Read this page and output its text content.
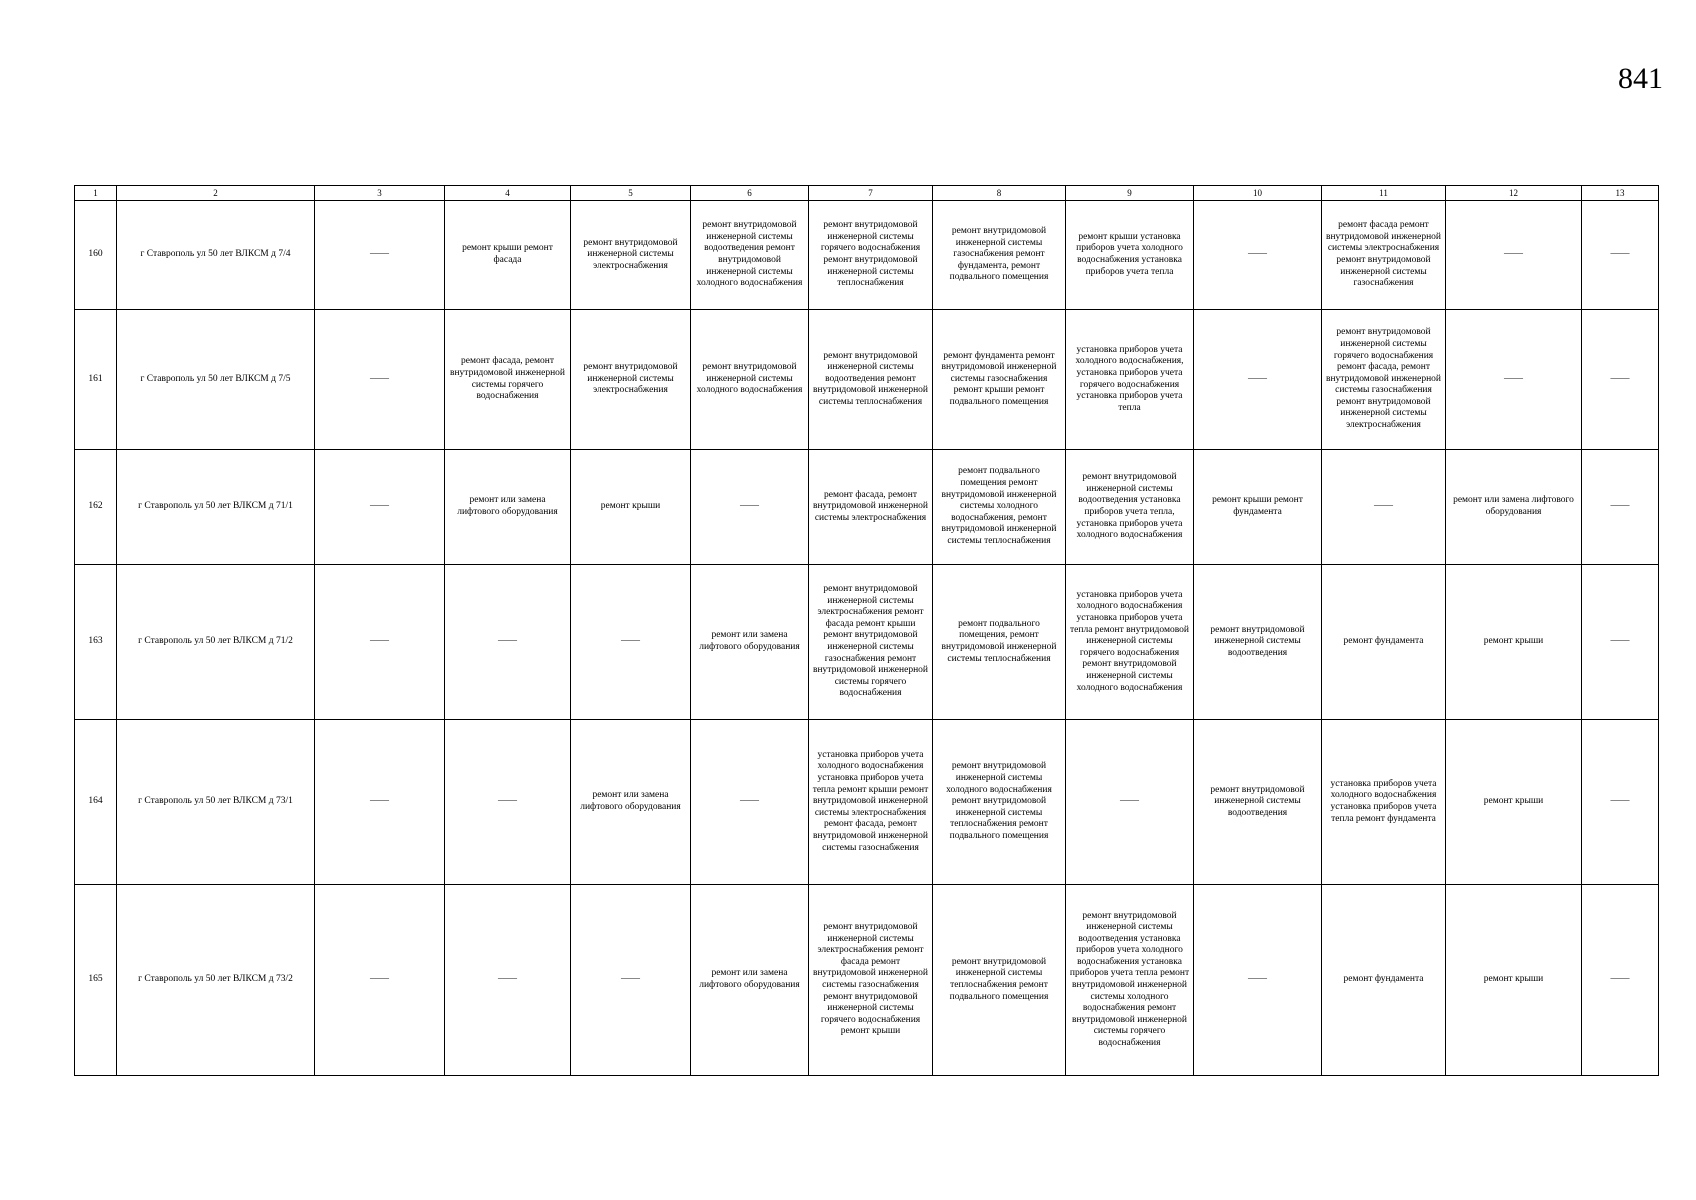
841
1	2	3	4	5	6	7	8	9	10	11	12	13
160	г Ставрополь ул 50 лет ВЛКСМ д 7/4	——	ремонт крыши ремонт фасада	ремонт внутридомовой инженерной системы электроснабжения	ремонт внутридомовой инженерной системы водоотведения ремонт внутридомовой инженерной системы холодного водоснабжения	ремонт внутридомовой инженерной системы горячего водоснабжения ремонт внутридомовой инженерной системы теплоснабжения	ремонт внутридомовой инженерной системы газоснабжения ремонт фундамента, ремонт подвального помещения	ремонт крыши установка приборов учета холодного водоснабжения установка приборов учета тепла	——	ремонт фасада ремонт внутридомовой инженерной системы электроснабжения ремонт внутридомовой инженерной системы газоснабжения	——	——
161	г Ставрополь ул 50 лет ВЛКСМ д 7/5	——	ремонт фасада, ремонт внутридомовой инженерной системы горячего водоснабжения	ремонт внутридомовой инженерной системы электроснабжения	ремонт внутридомовой инженерной системы холодного водоснабжения	ремонт внутридомовой инженерной системы водоотведения ремонт внутридомовой инженерной системы теплоснабжения	ремонт фундамента ремонт внутридомовой инженерной системы газоснабжения ремонт крыши ремонт подвального помещения	установка приборов учета холодного водоснабжения, установка приборов учета горячего водоснабжения установка приборов учета тепла	——	ремонт внутридомовой инженерной системы горячего водоснабжения ремонт фасада, ремонт внутридомовой инженерной системы газоснабжения ремонт внутридомовой инженерной системы электроснабжения	——	——
162	г Ставрополь ул 50 лет ВЛКСМ д 71/1	——	ремонт или замена лифтового оборудования	ремонт крыши	——	ремонт фасада, ремонт внутридомовой инженерной системы электроснабжения	ремонт подвального помещения ремонт внутридомовой инженерной системы холодного водоснабжения, ремонт внутридомовой инженерной системы теплоснабжения	ремонт внутридомовой инженерной системы водоотведения установка приборов учета тепла, установка приборов учета холодного водоснабжения	ремонт крыши ремонт фундамента	——	ремонт или замена лифтового оборудования	——
163	г Ставрополь ул 50 лет ВЛКСМ д 71/2	——	——	——	ремонт или замена лифтового оборудования	ремонт внутридомовой инженерной системы электроснабжения ремонт фасада ремонт крыши ремонт внутридомовой инженерной системы газоснабжения ремонт внутридомовой инженерной системы горячего водоснабжения	ремонт подвального помещения, ремонт внутридомовой инженерной системы теплоснабжения	установка приборов учета холодного водоснабжения установка приборов учета тепла ремонт внутридомовой инженерной системы горячего водоснабжения ремонт внутридомовой инженерной системы холодного водоснабжения	ремонт внутридомовой инженерной системы водоотведения	ремонт фундамента	ремонт крыши	——
164	г Ставрополь ул 50 лет ВЛКСМ д 73/1	——	——	ремонт или замена лифтового оборудования	——	установка приборов учета холодного водоснабжения установка приборов учета тепла ремонт крыши ремонт внутридомовой инженерной системы электроснабжения ремонт фасада, ремонт внутридомовой инженерной системы газоснабжения	ремонт внутридомовой инженерной системы холодного водоснабжения ремонт внутридомовой инженерной системы теплоснабжения ремонт подвального помещения	——	ремонт внутридомовой инженерной системы водоотведения	установка приборов учета холодного водоснабжения установка приборов учета тепла ремонт фундамента	ремонт крыши	——
165	г Ставрополь ул 50 лет ВЛКСМ д 73/2	——	——	——	ремонт или замена лифтового оборудования	ремонт внутридомовой инженерной системы электроснабжения ремонт фасада ремонт внутридомовой инженерной системы газоснабжения ремонт внутридомовой инженерной системы горячего водоснабжения ремонт крыши	ремонт внутридомовой инженерной системы теплоснабжения ремонт подвального помещения	ремонт внутридомовой инженерной системы водоотведения установка приборов учета холодного водоснабжения установка приборов учета тепла ремонт внутридомовой инженерной системы холодного водоснабжения ремонт внутридомовой инженерной системы горячего водоснабжения	——	ремонт фундамента	ремонт крыши	——
